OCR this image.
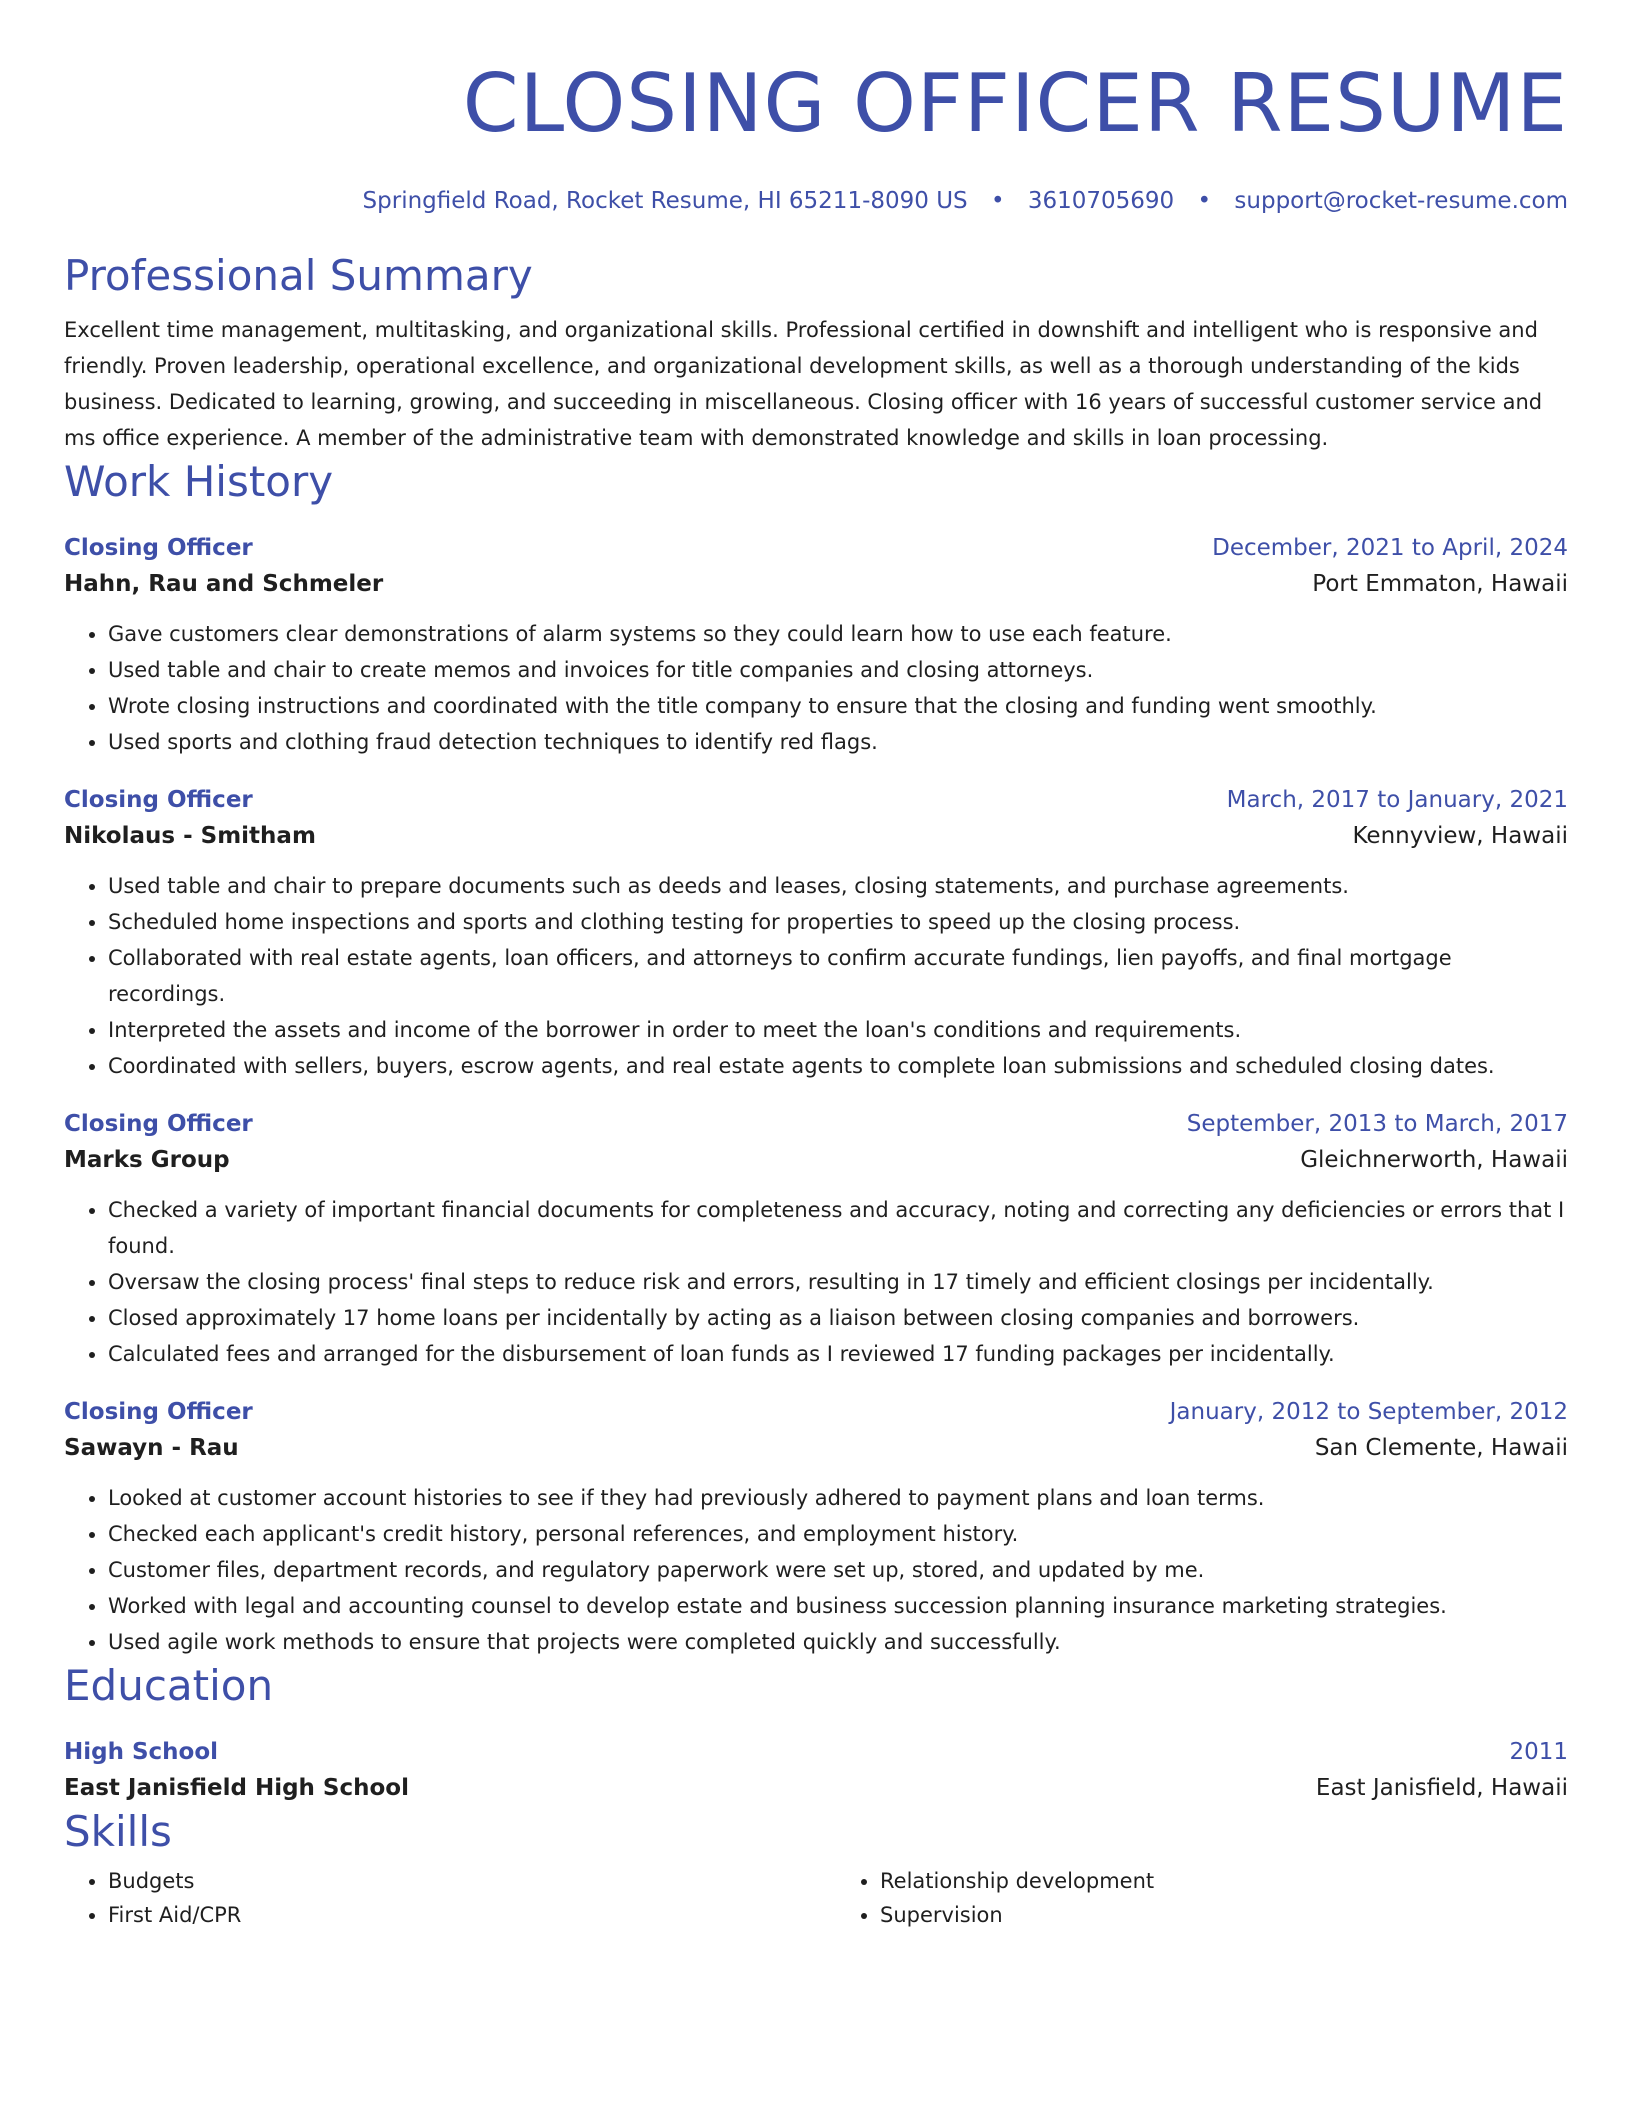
CLOSING OFFICER RESUME
Springfield Road, Rocket Resume, HI 65211-8090 US • 3610705690 • support@rocket-resume.com
Professional Summary

Excellent time management, multitasking, and organizational skills. Professional certified in downshift and intelligent who is responsive and friendly. Proven leadership, operational excellence, and organizational development skills, as well as a thorough understanding of the kids business. Dedicated to learning, growing, and succeeding in miscellaneous. Closing officer with 16 years of successful customer service and ms office experience. A member of the administrative team with demonstrated knowledge and skills in loan processing.

Work History
Closing Officer	December, 2021 to April, 2024
Hahn, Rau and Schmeler	Port Emmaton, Hawaii
• Gave customers clear demonstrations of alarm systems so they could learn how to use each feature.
• Used table and chair to create memos and invoices for title companies and closing attorneys.
• Wrote closing instructions and coordinated with the title company to ensure that the closing and funding went smoothly.
• Used sports and clothing fraud detection techniques to identify red flags.
Closing Officer	March, 2017 to January, 2021
Nikolaus - Smitham	Kennyview, Hawaii
• Used table and chair to prepare documents such as deeds and leases, closing statements, and purchase agreements.
• Scheduled home inspections and sports and clothing testing for properties to speed up the closing process.
• Collaborated with real estate agents, loan officers, and attorneys to confirm accurate fundings, lien payoffs, and final mortgage recordings.
• Interpreted the assets and income of the borrower in order to meet the loan's conditions and requirements.
• Coordinated with sellers, buyers, escrow agents, and real estate agents to complete loan submissions and scheduled closing dates.
Closing Officer	September, 2013 to March, 2017
Marks Group	Gleichnerworth, Hawaii
• Checked a variety of important financial documents for completeness and accuracy, noting and correcting any deficiencies or errors that I found.
• Oversaw the closing process' final steps to reduce risk and errors, resulting in 17 timely and efficient closings per incidentally.
• Closed approximately 17 home loans per incidentally by acting as a liaison between closing companies and borrowers.
• Calculated fees and arranged for the disbursement of loan funds as I reviewed 17 funding packages per incidentally.
Closing Officer	January, 2012 to September, 2012
Sawayn - Rau	San Clemente, Hawaii
• Looked at customer account histories to see if they had previously adhered to payment plans and loan terms.
• Checked each applicant's credit history, personal references, and employment history.
• Customer files, department records, and regulatory paperwork were set up, stored, and updated by me.
• Worked with legal and accounting counsel to develop estate and business succession planning insurance marketing strategies.
• Used agile work methods to ensure that projects were completed quickly and successfully.
Education
High School	2011
East Janisfield High School	East Janisfield, Hawaii
Skills
• Budgets
• First Aid/CPR
• Relationship development
• Supervision
